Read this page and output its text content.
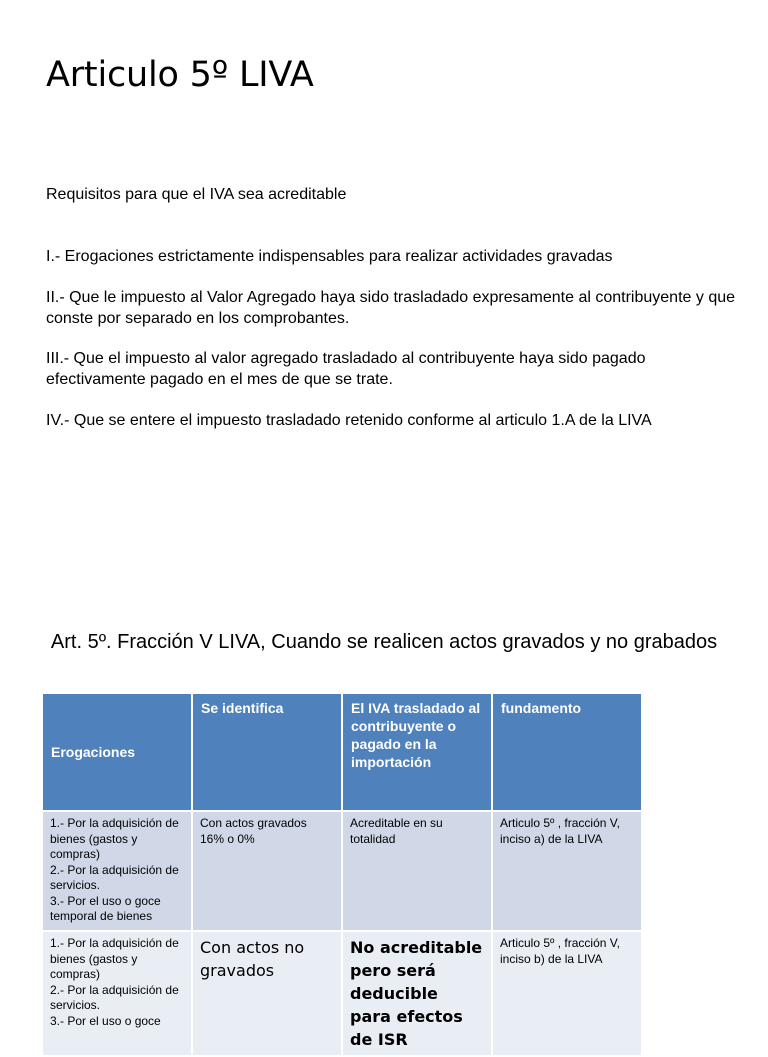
Articulo 5º LIVA

Requisitos para que el IVA sea acreditable

I.- Erogaciones estrictamente indispensables para realizar actividades gravadas

II.- Que le impuesto al Valor Agregado haya sido trasladado expresamente al contribuyente y que conste por separado en los comprobantes.

III.- Que el impuesto al valor agregado trasladado al contribuyente haya sido pagado efectivamente pagado en el mes de que se trate.

IV.- Que se entere el impuesto trasladado retenido conforme al articulo 1.A de la LIVA

Art. 5º. Fracción V LIVA, Cuando se realicen actos gravados y no grabados

Erogaciones	Se identifica	El IVA trasladado al contribuyente o pagado en la importación	fundamento

1.- Por la adquisición de bienes (gastos y compras)
2.- Por la adquisición de servicios.
3.- Por el uso o goce temporal de bienes	Con actos gravados 16% o 0%	Acreditable en su totalidad	Articulo 5º , fracción V, inciso a) de la LIVA

1.- Por la adquisición de bienes (gastos y compras)
2.- Por la adquisición de servicios.
3.- Por el uso o goce	Con actos no gravados	No acreditable pero será deducible para efectos de ISR	Articulo 5º , fracción V, inciso b) de la LIVA
